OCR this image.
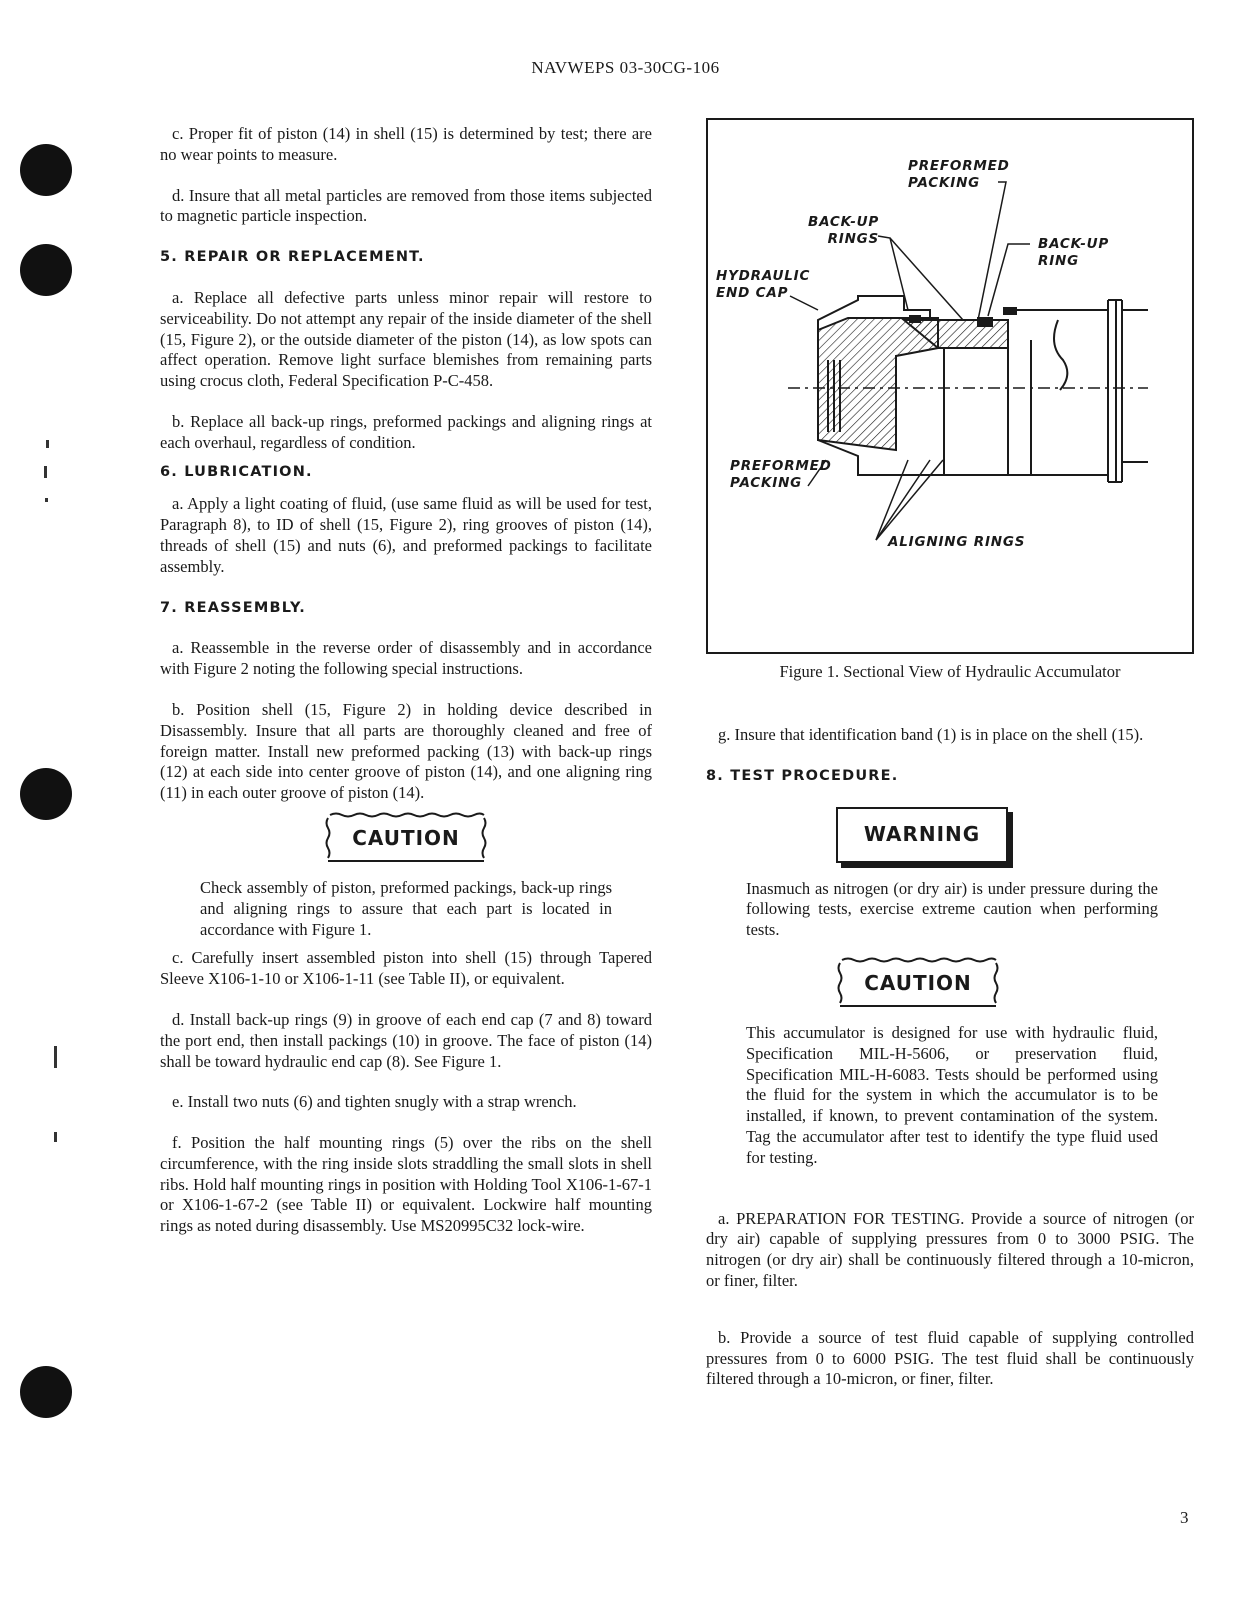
NAVWEPS 03-30CG-106

c. Proper fit of piston (14) in shell (15) is determined by test; there are no wear points to measure.

d. Insure that all metal particles are removed from those items subjected to magnetic particle inspection.

5. REPAIR OR REPLACEMENT.

a. Replace all defective parts unless minor repair will restore to serviceability. Do not attempt any repair of the inside diameter of the shell (15, Figure 2), or the outside diameter of the piston (14), as low spots can affect operation. Remove light surface blemishes from remaining parts using crocus cloth, Federal Specification P-C-458.

b. Replace all back-up rings, preformed packings and aligning rings at each overhaul, regardless of condition.

6. LUBRICATION.

a. Apply a light coating of fluid, (use same fluid as will be used for test, Paragraph 8), to ID of shell (15, Figure 2), ring grooves of piston (14), threads of shell (15) and nuts (6), and preformed packings to facilitate assembly.

7. REASSEMBLY.

a. Reassemble in the reverse order of disassembly and in accordance with Figure 2 noting the following special instructions.

b. Position shell (15, Figure 2) in holding device described in Disassembly. Insure that all parts are thoroughly cleaned and free of foreign matter. Install new preformed packing (13) with back-up rings (12) at each side into center groove of piston (14), and one aligning ring (11) in each outer groove of piston (14).

CAUTION

Check assembly of piston, preformed packings, back-up rings and aligning rings to assure that each part is located in accordance with Figure 1.

c. Carefully insert assembled piston into shell (15) through Tapered Sleeve X106-1-10 or X106-1-11 (see Table II), or equivalent.

d. Install back-up rings (9) in groove of each end cap (7 and 8) toward the port end, then install packings (10) in groove. The face of piston (14) shall be toward hydraulic end cap (8). See Figure 1.

e. Install two nuts (6) and tighten snugly with a strap wrench.

f. Position the half mounting rings (5) over the ribs on the shell circumference, with the ring inside slots straddling the small slots in shell ribs. Hold half mounting rings in position with Holding Tool X106-1-67-1 or X106-1-67-2 (see Table II) or equivalent. Lockwire half mounting rings as noted during disassembly. Use MS20995C32 lock-wire.

PREFORMED
PACKING
BACK-UP
RINGS	BACK-UP
RING
HYDRAULIC
END CAP
PREFORMED
PACKING
ALIGNING RINGS
Figure 1. Sectional View of Hydraulic Accumulator

g. Insure that identification band (1) is in place on the shell (15).

8. TEST PROCEDURE.
WARNING

Inasmuch as nitrogen (or dry air) is under pressure during the following tests, exercise extreme caution when performing tests.

CAUTION

This accumulator is designed for use with hydraulic fluid, Specification MIL-H-5606, or preservation fluid, Specification MIL-H-6083. Tests should be performed using the fluid for the system in which the accumulator is to be installed, if known, to prevent contamination of the system. Tag the accumulator after test to identify the type fluid used for testing.

a. PREPARATION FOR TESTING. Provide a source of nitrogen (or dry air) capable of supplying pressures from 0 to 3000 PSIG. The nitrogen (or dry air) shall be continuously filtered through a 10-micron, or finer, filter.

b. Provide a source of test fluid capable of supplying controlled pressures from 0 to 6000 PSIG. The test fluid shall be continuously filtered through a 10-micron, or finer, filter.

3
